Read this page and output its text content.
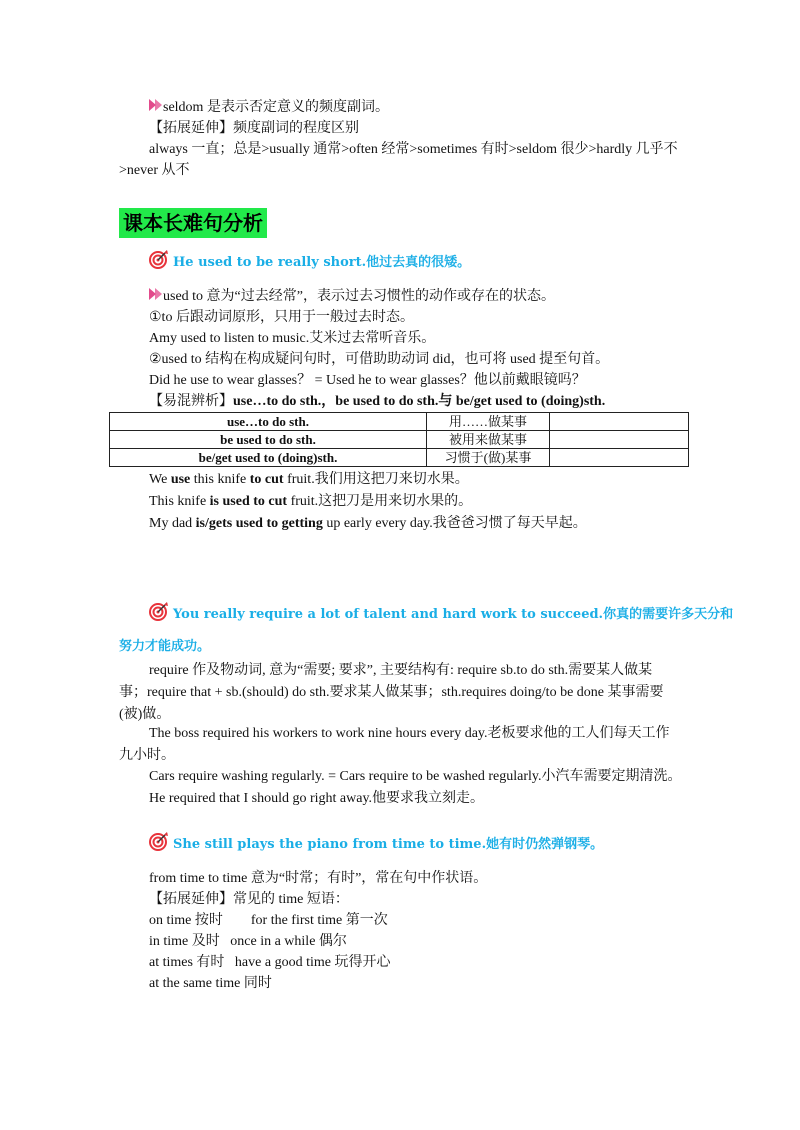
seldom 是表示否定意义的频度副词。
【拓展延伸】频度副词的程度区别
always 一直；总是>usually 通常>often 经常>sometimes 有时>seldom 很少>hardly 几乎不
>never 从不
课本长难句分析
He used to be really short.他过去真的很矮。
used to 意为“过去经常”，表示过去习惯性的动作或存在的状态。
①to 后跟动词原形，只用于一般过去时态。
Amy used to listen to music.艾米过去常听音乐。
②used to 结构在构成疑问句时，可借助助动词 did，也可将 used 提至句首。
Did he use to wear glasses？ = Used he to wear glasses？他以前戴眼镜吗？
【易混辨析】use…to do sth.，be used to do sth.与 be/get used to (doing)sth.
use…to do sth.	用……做某事	
be used to do sth.	被用来做某事	
be/get used to (doing)sth.	习惯于(做)某事	
We use this knife to cut fruit.我们用这把刀来切水果。
This knife is used to cut fruit.这把刀是用来切水果的。
My dad is/gets used to getting up early every day.我爸爸习惯了每天早起。
You really require a lot of talent and hard work to succeed.你真的需要许多天分和
努力才能成功。
require 作及物动词, 意为“需要; 要求”, 主要结构有: require sb.to do sth.需要某人做某
事；require that + sb.(should) do sth.要求某人做某事；sth.requires doing/to be done 某事需要
(被)做。
The boss required his workers to work nine hours every day.老板要求他的工人们每天工作
九小时。
Cars require washing regularly. = Cars require to be washed regularly.小汽车需要定期清洗。
He required that I should go right away.他要求我立刻走。
She still plays the piano from time to time.她有时仍然弹钢琴。
from time to time 意为“时常；有时”，常在句中作状语。
【拓展延伸】常见的 time 短语：
on time 按时        for the first time 第一次
in time 及时   once in a while 偶尔
at times 有时   have a good time 玩得开心
at the same time 同时
